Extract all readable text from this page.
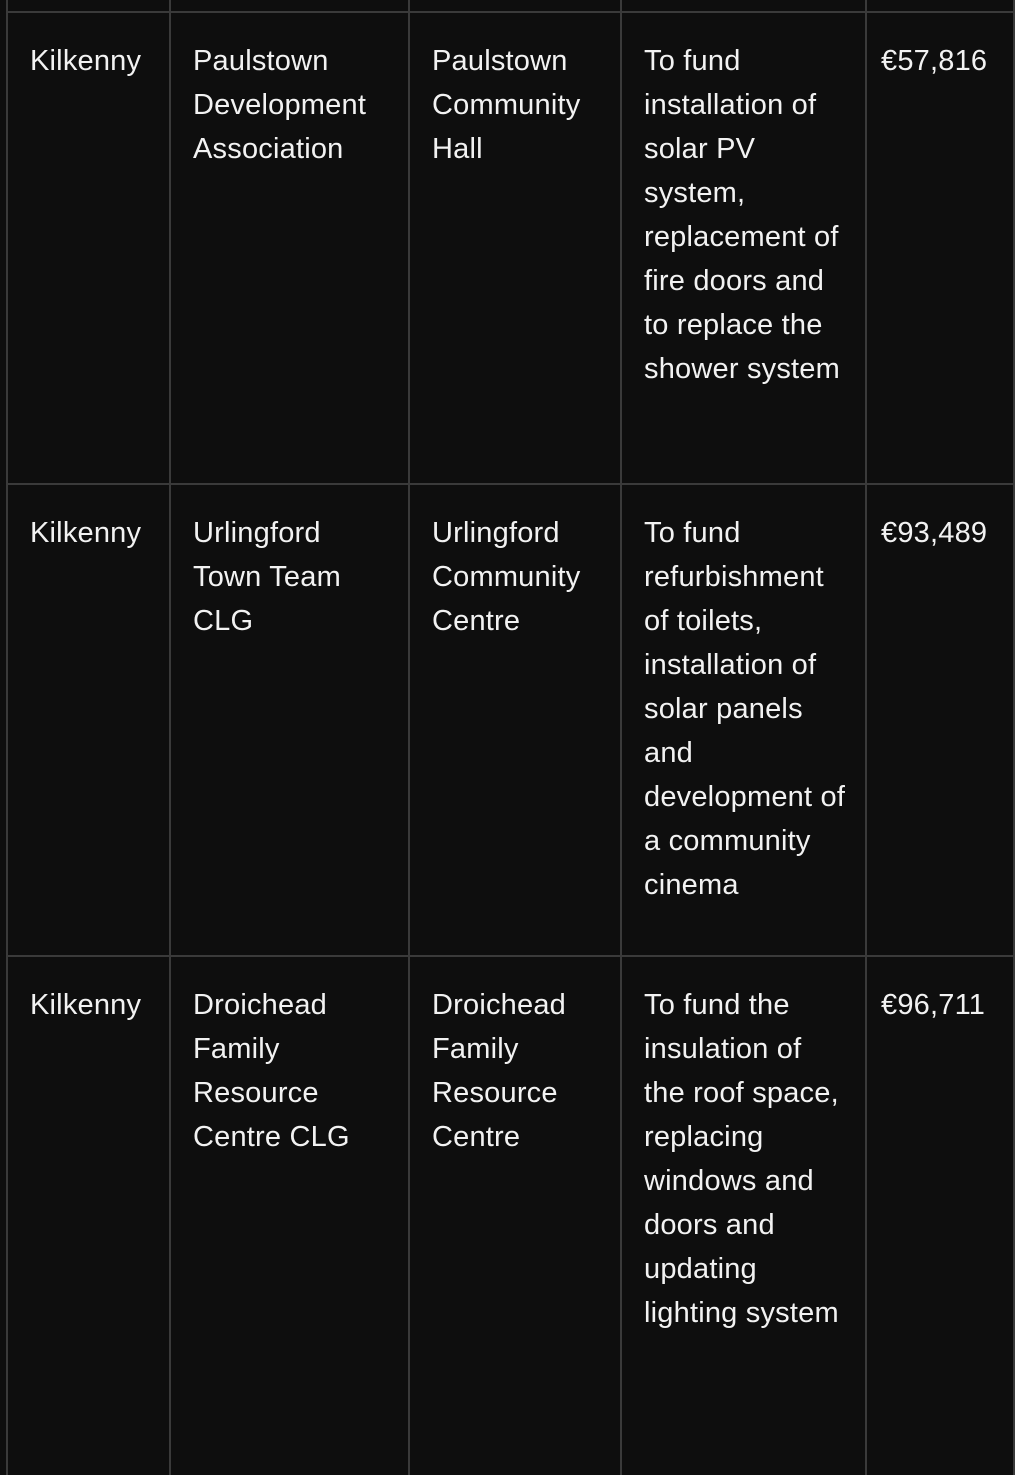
Kilkenny	Paulstown Development Association	Paulstown Community Hall	To fund installation of solar PV system, replacement of fire doors and to replace the shower system	€57,816
Kilkenny	Urlingford Town Team CLG	Urlingford Community Centre	To fund refurbishment of toilets, installation of solar panels and development of a community cinema	€93,489
Kilkenny	Droichead Family Resource Centre CLG	Droichead Family Resource Centre	To fund the insulation of the roof space, replacing windows and doors and updating lighting system	€96,711
